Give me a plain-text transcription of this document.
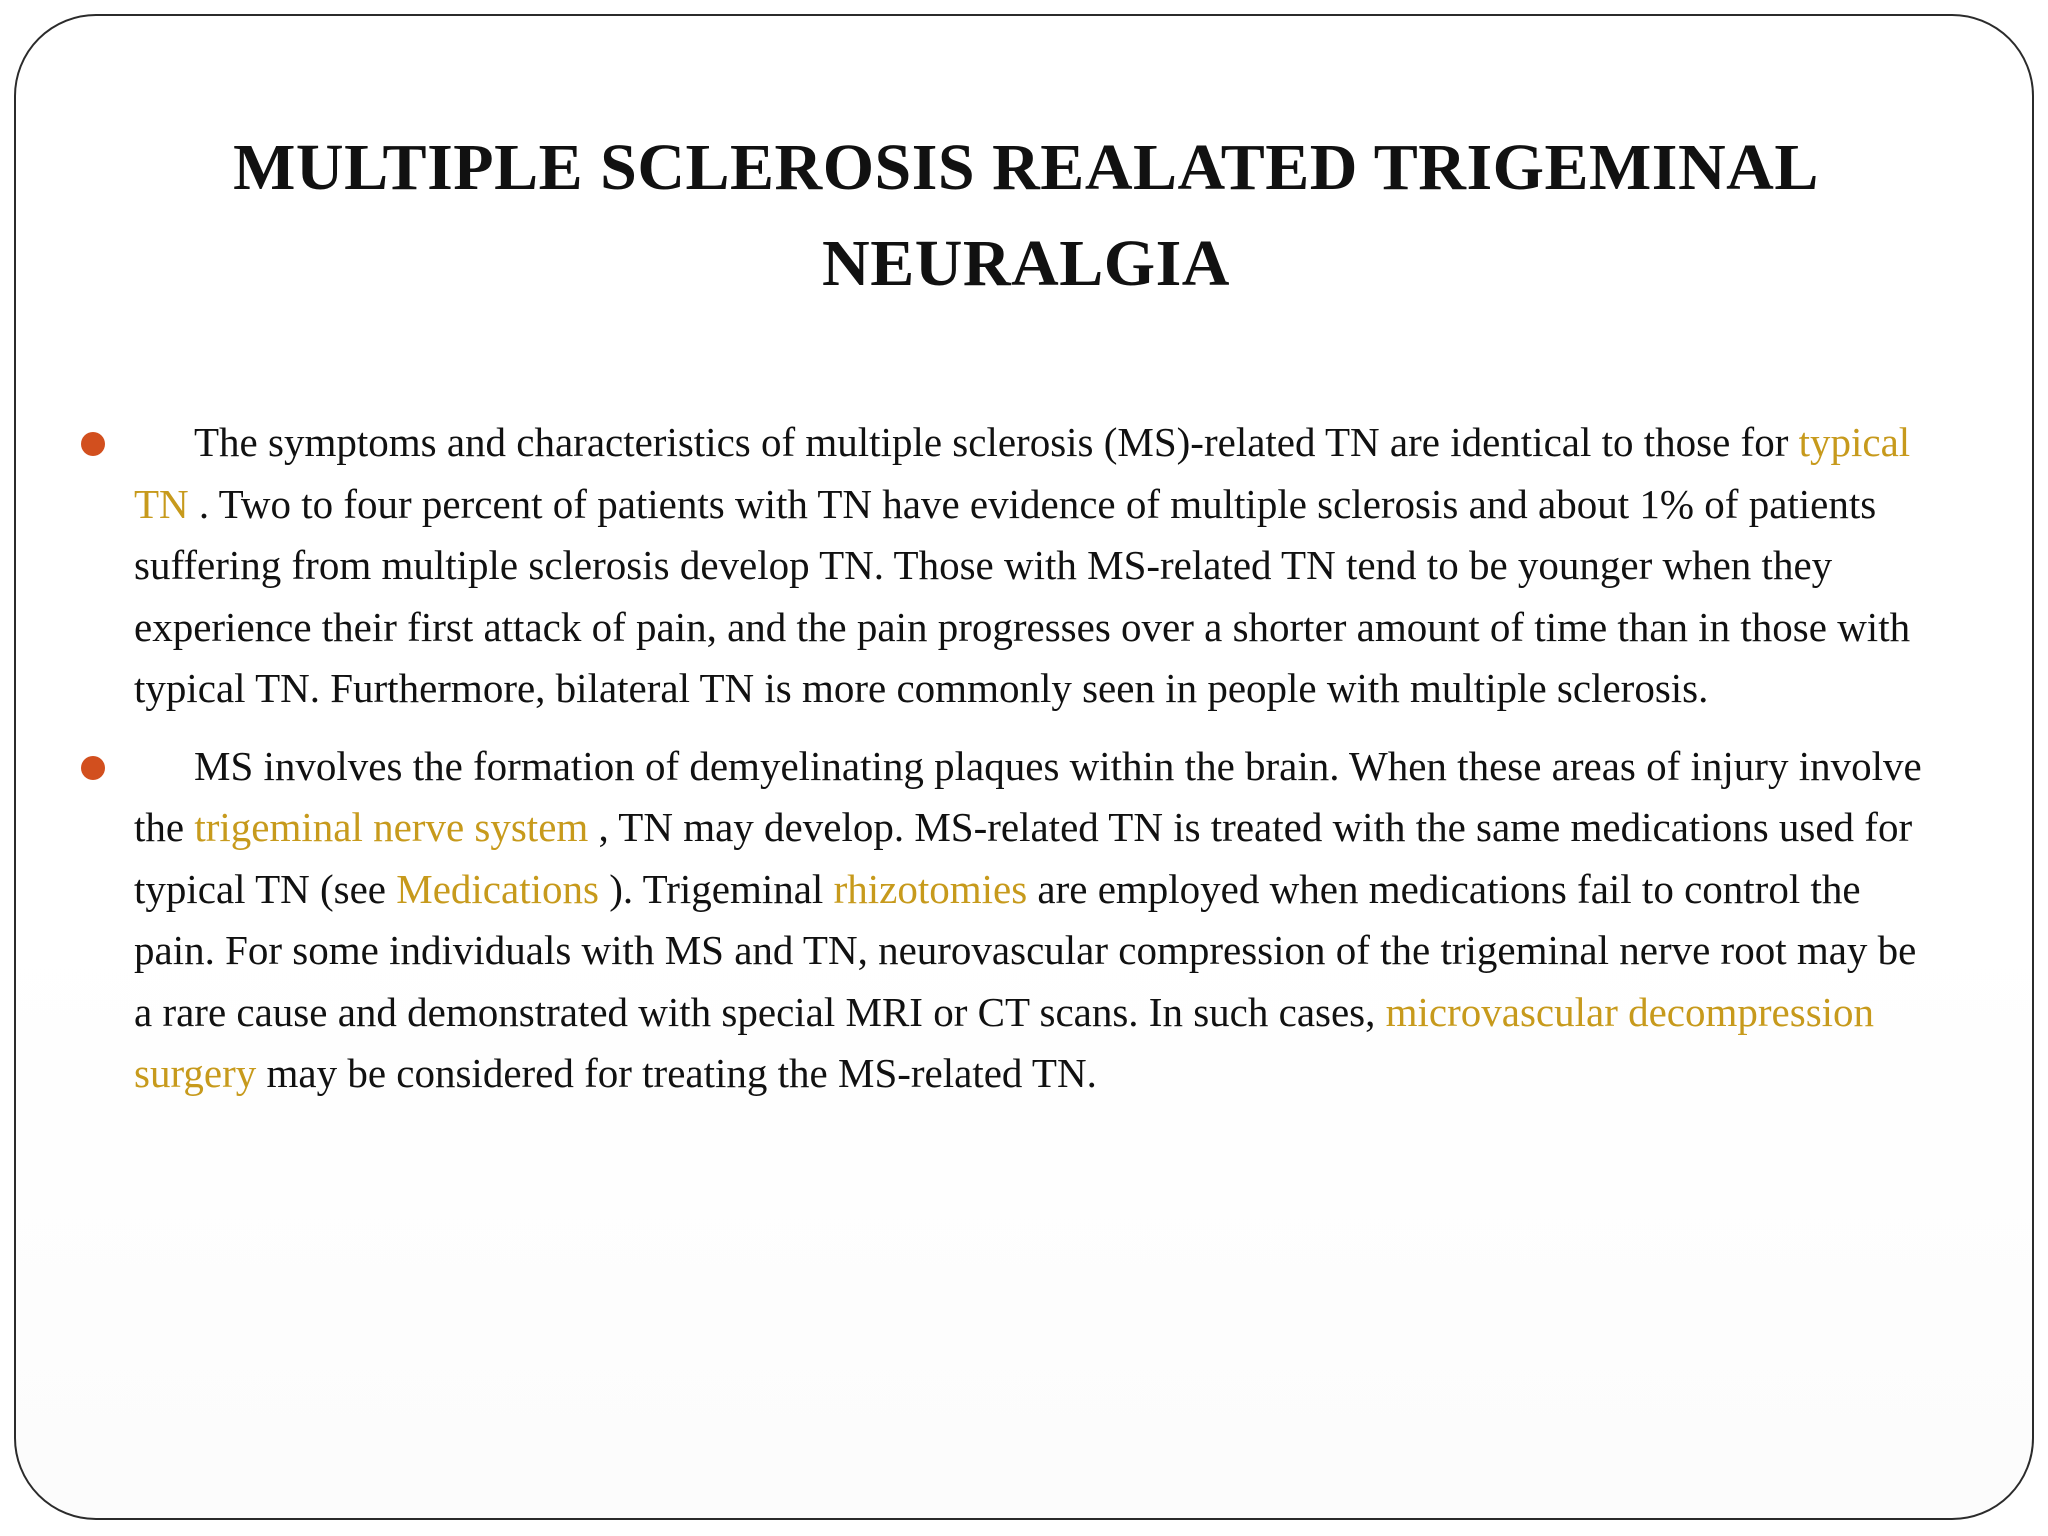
MULTIPLE SCLEROSIS REALATED TRIGEMINAL NEURALGIA
The symptoms and characteristics of multiple sclerosis (MS)-related TN are identical to those for typical TN . Two to four percent of patients with TN have evidence of multiple sclerosis and about 1% of patients suffering from multiple sclerosis develop TN. Those with MS-related TN tend to be younger when they experience their first attack of pain, and the pain progresses over a shorter amount of time than in those with typical TN. Furthermore, bilateral TN is more commonly seen in people with multiple sclerosis.
MS involves the formation of demyelinating plaques within the brain. When these areas of injury involve the trigeminal nerve system , TN may develop. MS-related TN is treated with the same medications used for typical TN (see Medications ). Trigeminal rhizotomies are employed when medications fail to control the pain. For some individuals with MS and TN, neurovascular compression of the trigeminal nerve root may be a rare cause and demonstrated with special MRI or CT scans. In such cases, microvascular decompression surgery may be considered for treating the MS-related TN.
